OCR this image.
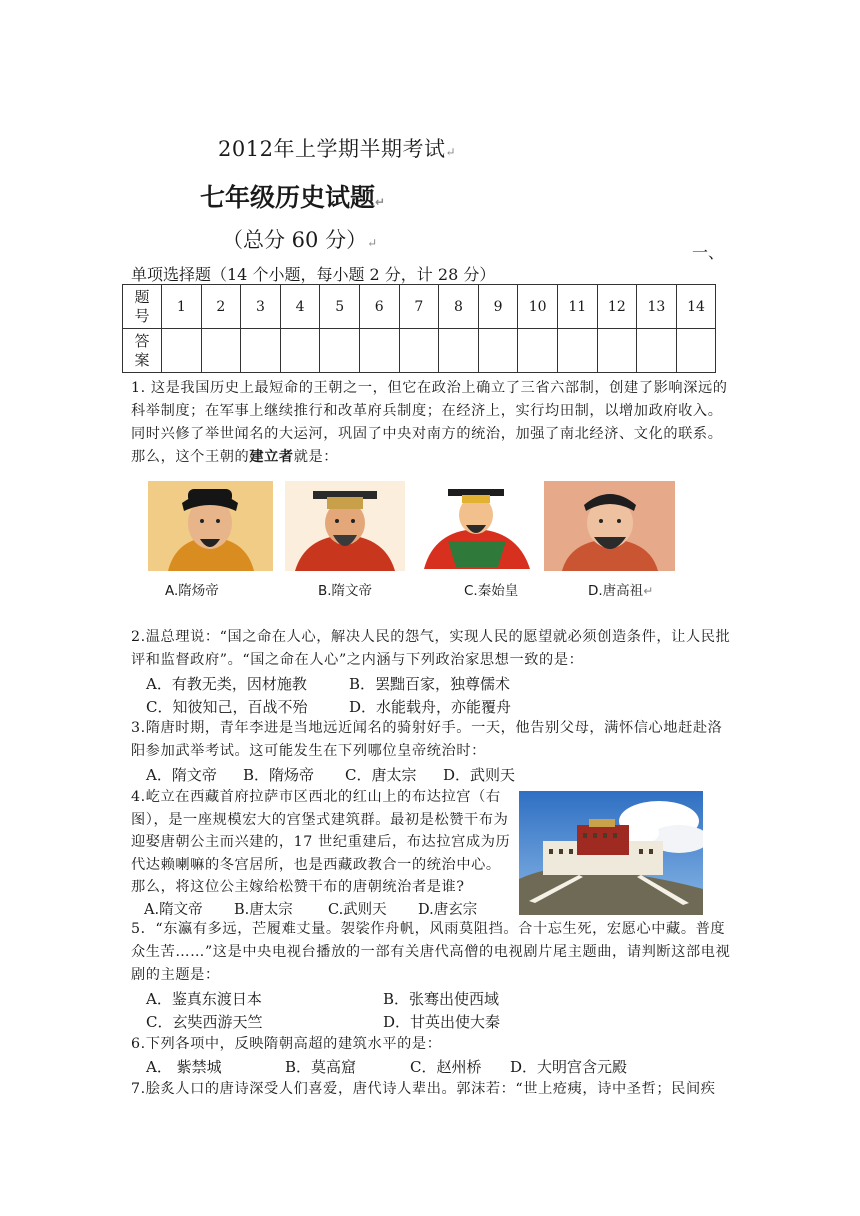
2012年上学期半期考试↵
七年级历史试题↵
（总分 60 分）↵	一、
单项选择题（14 个小题，每小题 2 分，计 28 分）
题
号	1	2	3	4	5	6	7	8	9	10	11	12	13	14
答
案														
1. 这是我国历史上最短命的王朝之一，但它在政治上确立了三省六部制，创建了影响深远的科举制度；在军事上继续推行和改革府兵制度；在经济上，实行均田制，以增加政府收入。同时兴修了举世闻名的大运河，巩固了中央对南方的统治，加强了南北经济、文化的联系。那么，这个王朝的建立者就是：
A.隋炀帝	B.隋文帝	C.秦始皇	D.唐高祖↵
2.温总理说：“国之命在人心，解决人民的怨气，实现人民的愿望就必须创造条件，让人民批评和监督政府”。“国之命在人心”之内涵与下列政治家思想一致的是：
A．有教无类，因材施教	B．罢黜百家，独尊儒术
C．知彼知己，百战不殆	D．水能载舟，亦能覆舟
3.隋唐时期，青年李进是当地远近闻名的骑射好手。一天，他告别父母，满怀信心地赶赴洛阳参加武举考试。这可能发生在下列哪位皇帝统治时：
A．隋文帝 B．隋炀帝 C．唐太宗 D．武则天
4.屹立在西藏首府拉萨市区西北的红山上的布达拉宫（右图），是一座规模宏大的宫堡式建筑群。最初是松赞干布为迎娶唐朝公主而兴建的，17 世纪重建后，布达拉宫成为历代达赖喇嘛的冬宫居所，也是西藏政教合一的统治中心。那么，将这位公主嫁给松赞干布的唐朝统治者是谁?
A.隋文帝 B.唐太宗 C.武则天 D.唐玄宗
5．“东瀛有多远，芒履难丈量。袈裟作舟帆，风雨莫阻挡。合十忘生死，宏愿心中藏。普度众生苦……”这是中央电视台播放的一部有关唐代高僧的电视剧片尾主题曲，请判断这部电视剧的主题是：
A．鉴真东渡日本	B．张骞出使西域
C．玄奘西游天竺	D．甘英出使大秦
6.下列各项中，反映隋朝高超的建筑水平的是：
A． 紫禁城	B．莫高窟	C．赵州桥 D．大明宫含元殿
7.脍炙人口的唐诗深受人们喜爱，唐代诗人辈出。郭沫若：“世上疮痍，诗中圣哲；民间疾
